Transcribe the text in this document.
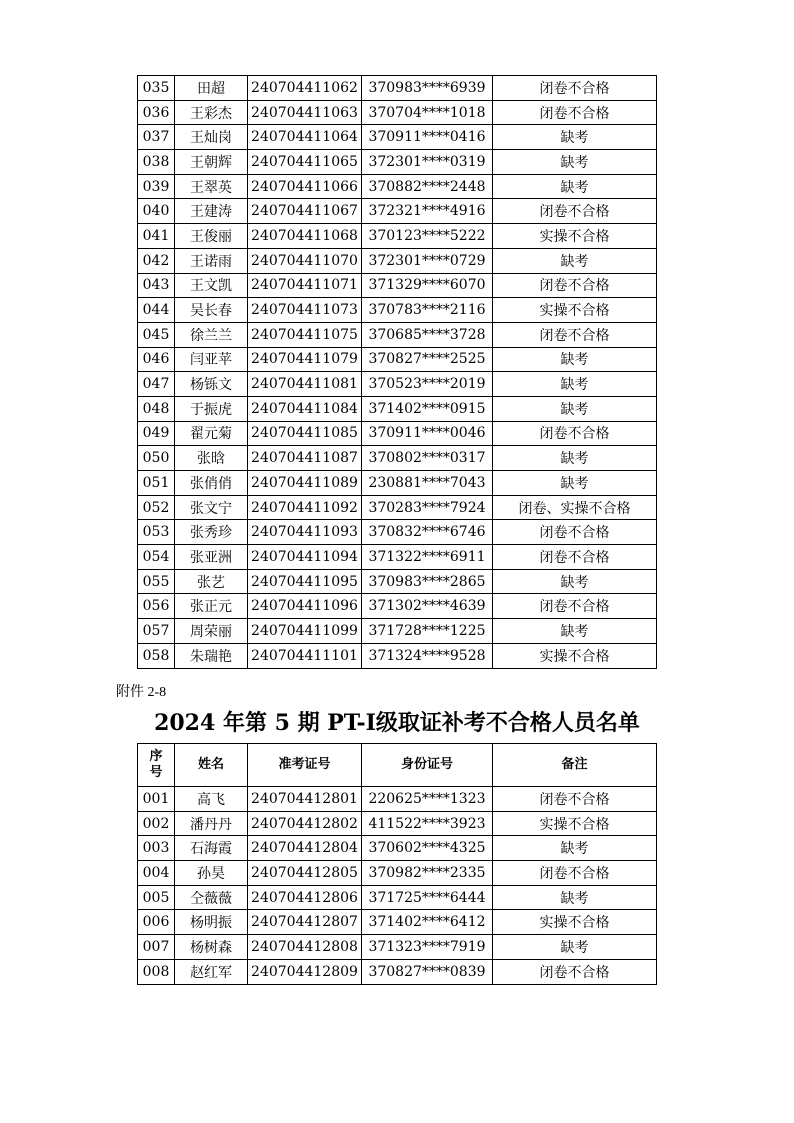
035	田超	240704411062	370983****6939	闭卷不合格
036	王彩杰	240704411063	370704****1018	闭卷不合格
037	王灿岗	240704411064	370911****0416	缺考
038	王朝辉	240704411065	372301****0319	缺考
039	王翠英	240704411066	370882****2448	缺考
040	王建涛	240704411067	372321****4916	闭卷不合格
041	王俊丽	240704411068	370123****5222	实操不合格
042	王诺雨	240704411070	372301****0729	缺考
043	王文凯	240704411071	371329****6070	闭卷不合格
044	吴长春	240704411073	370783****2116	实操不合格
045	徐兰兰	240704411075	370685****3728	闭卷不合格
046	闫亚苹	240704411079	370827****2525	缺考
047	杨铄文	240704411081	370523****2019	缺考
048	于振虎	240704411084	371402****0915	缺考
049	翟元菊	240704411085	370911****0046	闭卷不合格
050	张晗	240704411087	370802****0317	缺考
051	张俏俏	240704411089	230881****7043	缺考
052	张文宁	240704411092	370283****7924	闭卷、实操不合格
053	张秀珍	240704411093	370832****6746	闭卷不合格
054	张亚洲	240704411094	371322****6911	闭卷不合格
055	张艺	240704411095	370983****2865	缺考
056	张正元	240704411096	371302****4639	闭卷不合格
057	周荣丽	240704411099	371728****1225	缺考
058	朱瑞艳	240704411101	371324****9528	实操不合格
附件 2-8
2024 年第 5 期 PT-Ⅰ级取证补考不合格人员名单
序
号	姓名	准考证号	身份证号	备注
001	高飞	240704412801	220625****1323	闭卷不合格
002	潘丹丹	240704412802	411522****3923	实操不合格
003	石海霞	240704412804	370602****4325	缺考
004	孙昊	240704412805	370982****2335	闭卷不合格
005	仝薇薇	240704412806	371725****6444	缺考
006	杨明振	240704412807	371402****6412	实操不合格
007	杨树森	240704412808	371323****7919	缺考
008	赵红军	240704412809	370827****0839	闭卷不合格
